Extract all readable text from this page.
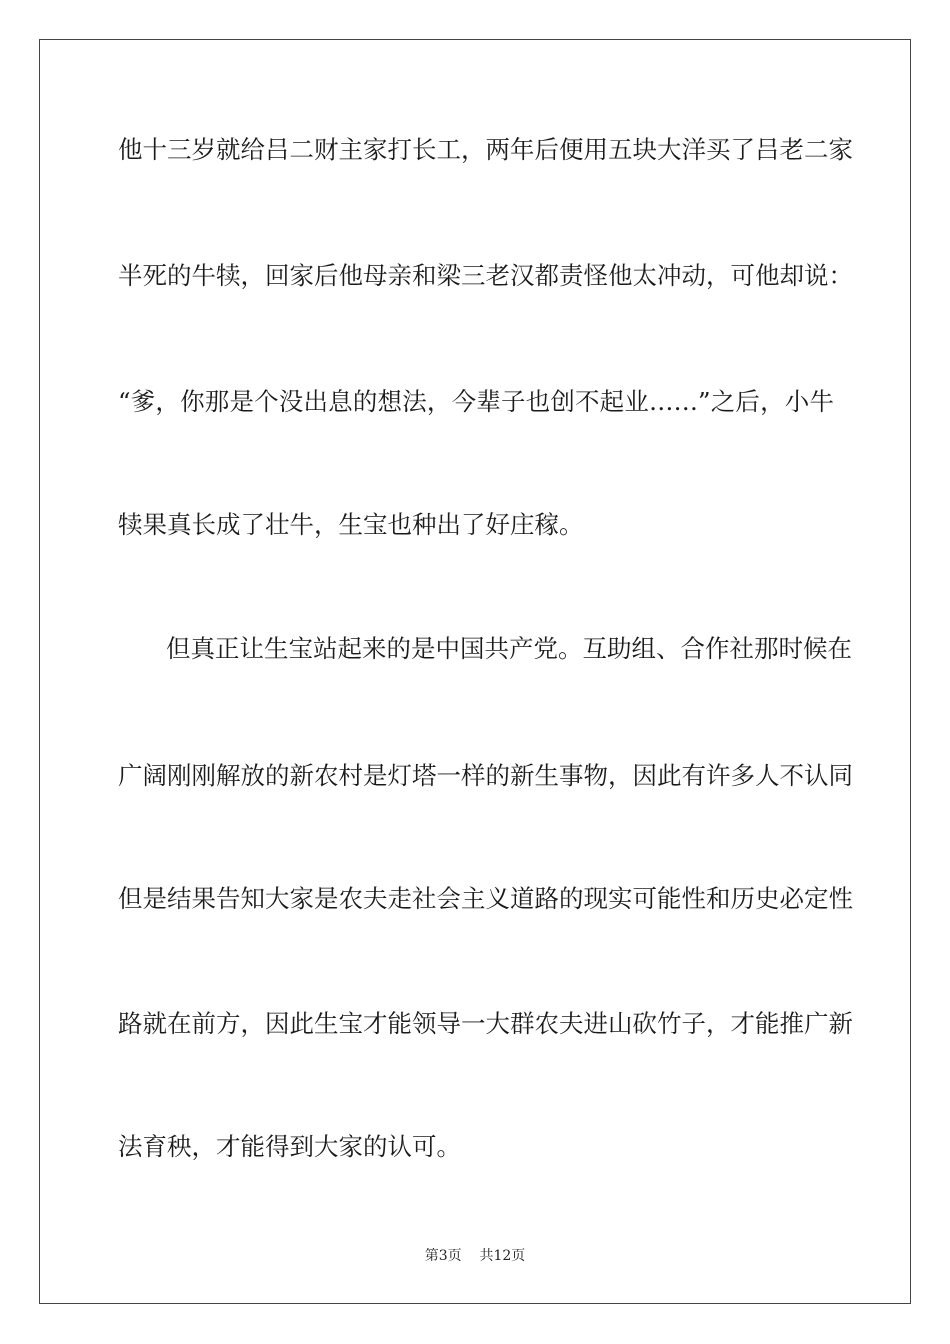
他十三岁就给吕二财主家打长工，两年后便用五块大洋买了吕老二家
半死的牛犊，回家后他母亲和梁三老汉都责怪他太冲动，可他却说：
“爹，你那是个没出息的想法，今辈子也创不起业……”之后，小牛
犊果真长成了壮牛，生宝也种出了好庄稼。
但真正让生宝站起来的是中国共产党。互助组、合作社那时候在
广阔刚刚解放的新农村是灯塔一样的新生事物，因此有许多人不认同
但是结果告知大家是农夫走社会主义道路的现实可能性和历史必定性
路就在前方，因此生宝才能领导一大群农夫进山砍竹子，才能推广新
法育秧，才能得到大家的认可。
第3页    共12页
